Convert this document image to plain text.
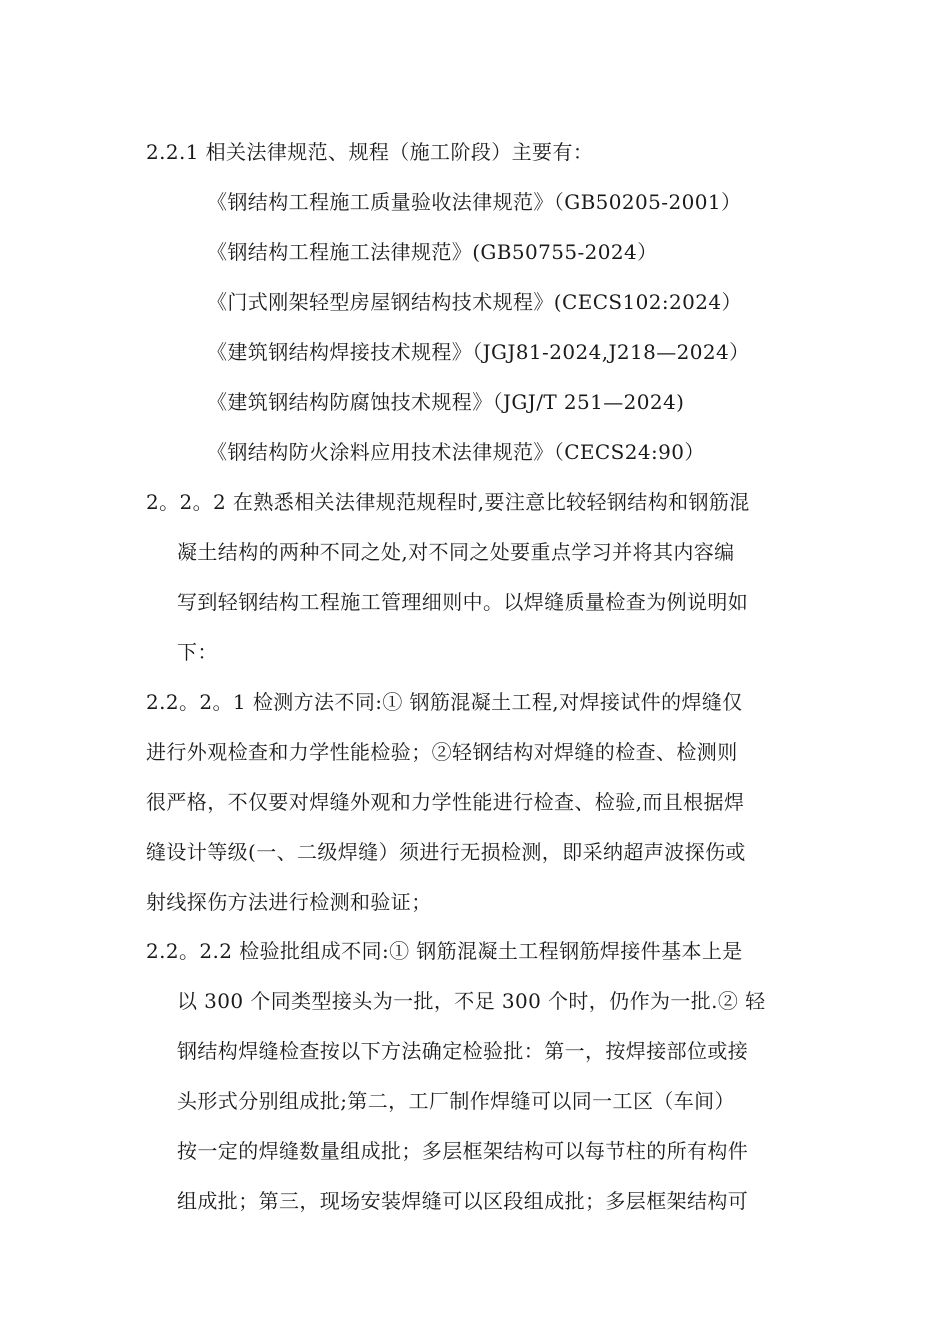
2.2.1 相关法律规范、规程（施工阶段）主要有：
《钢结构工程施工质量验收法律规范》（GB50205-2001）
《钢结构工程施工法律规范》(GB50755-2024）
《门式刚架轻型房屋钢结构技术规程》(CECS102:2024）
《建筑钢结构焊接技术规程》（JGJ81-2024,J218—2024）
《建筑钢结构防腐蚀技术规程》（JGJ/T 251—2024)
《钢结构防火涂料应用技术法律规范》（CECS24:90）
2。2。2 在熟悉相关法律规范规程时,要注意比较轻钢结构和钢筋混
凝土结构的两种不同之处,对不同之处要重点学习并将其内容编
写到轻钢结构工程施工管理细则中。以焊缝质量检查为例说明如
下：
2.2。2。1 检测方法不同:① 钢筋混凝土工程,对焊接试件的焊缝仅
进行外观检查和力学性能检验；②轻钢结构对焊缝的检查、检测则
很严格，不仅要对焊缝外观和力学性能进行检查、检验,而且根据焊
缝设计等级(一、二级焊缝）须进行无损检测，即采纳超声波探伤或
射线探伤方法进行检测和验证；
2.2。2.2 检验批组成不同:① 钢筋混凝土工程钢筋焊接件基本上是
以 300 个同类型接头为一批，不足 300 个时，仍作为一批.② 轻
钢结构焊缝检查按以下方法确定检验批：第一，按焊接部位或接
头形式分别组成批;第二，工厂制作焊缝可以同一工区（车间）
按一定的焊缝数量组成批；多层框架结构可以每节柱的所有构件
组成批；第三，现场安装焊缝可以区段组成批；多层框架结构可
